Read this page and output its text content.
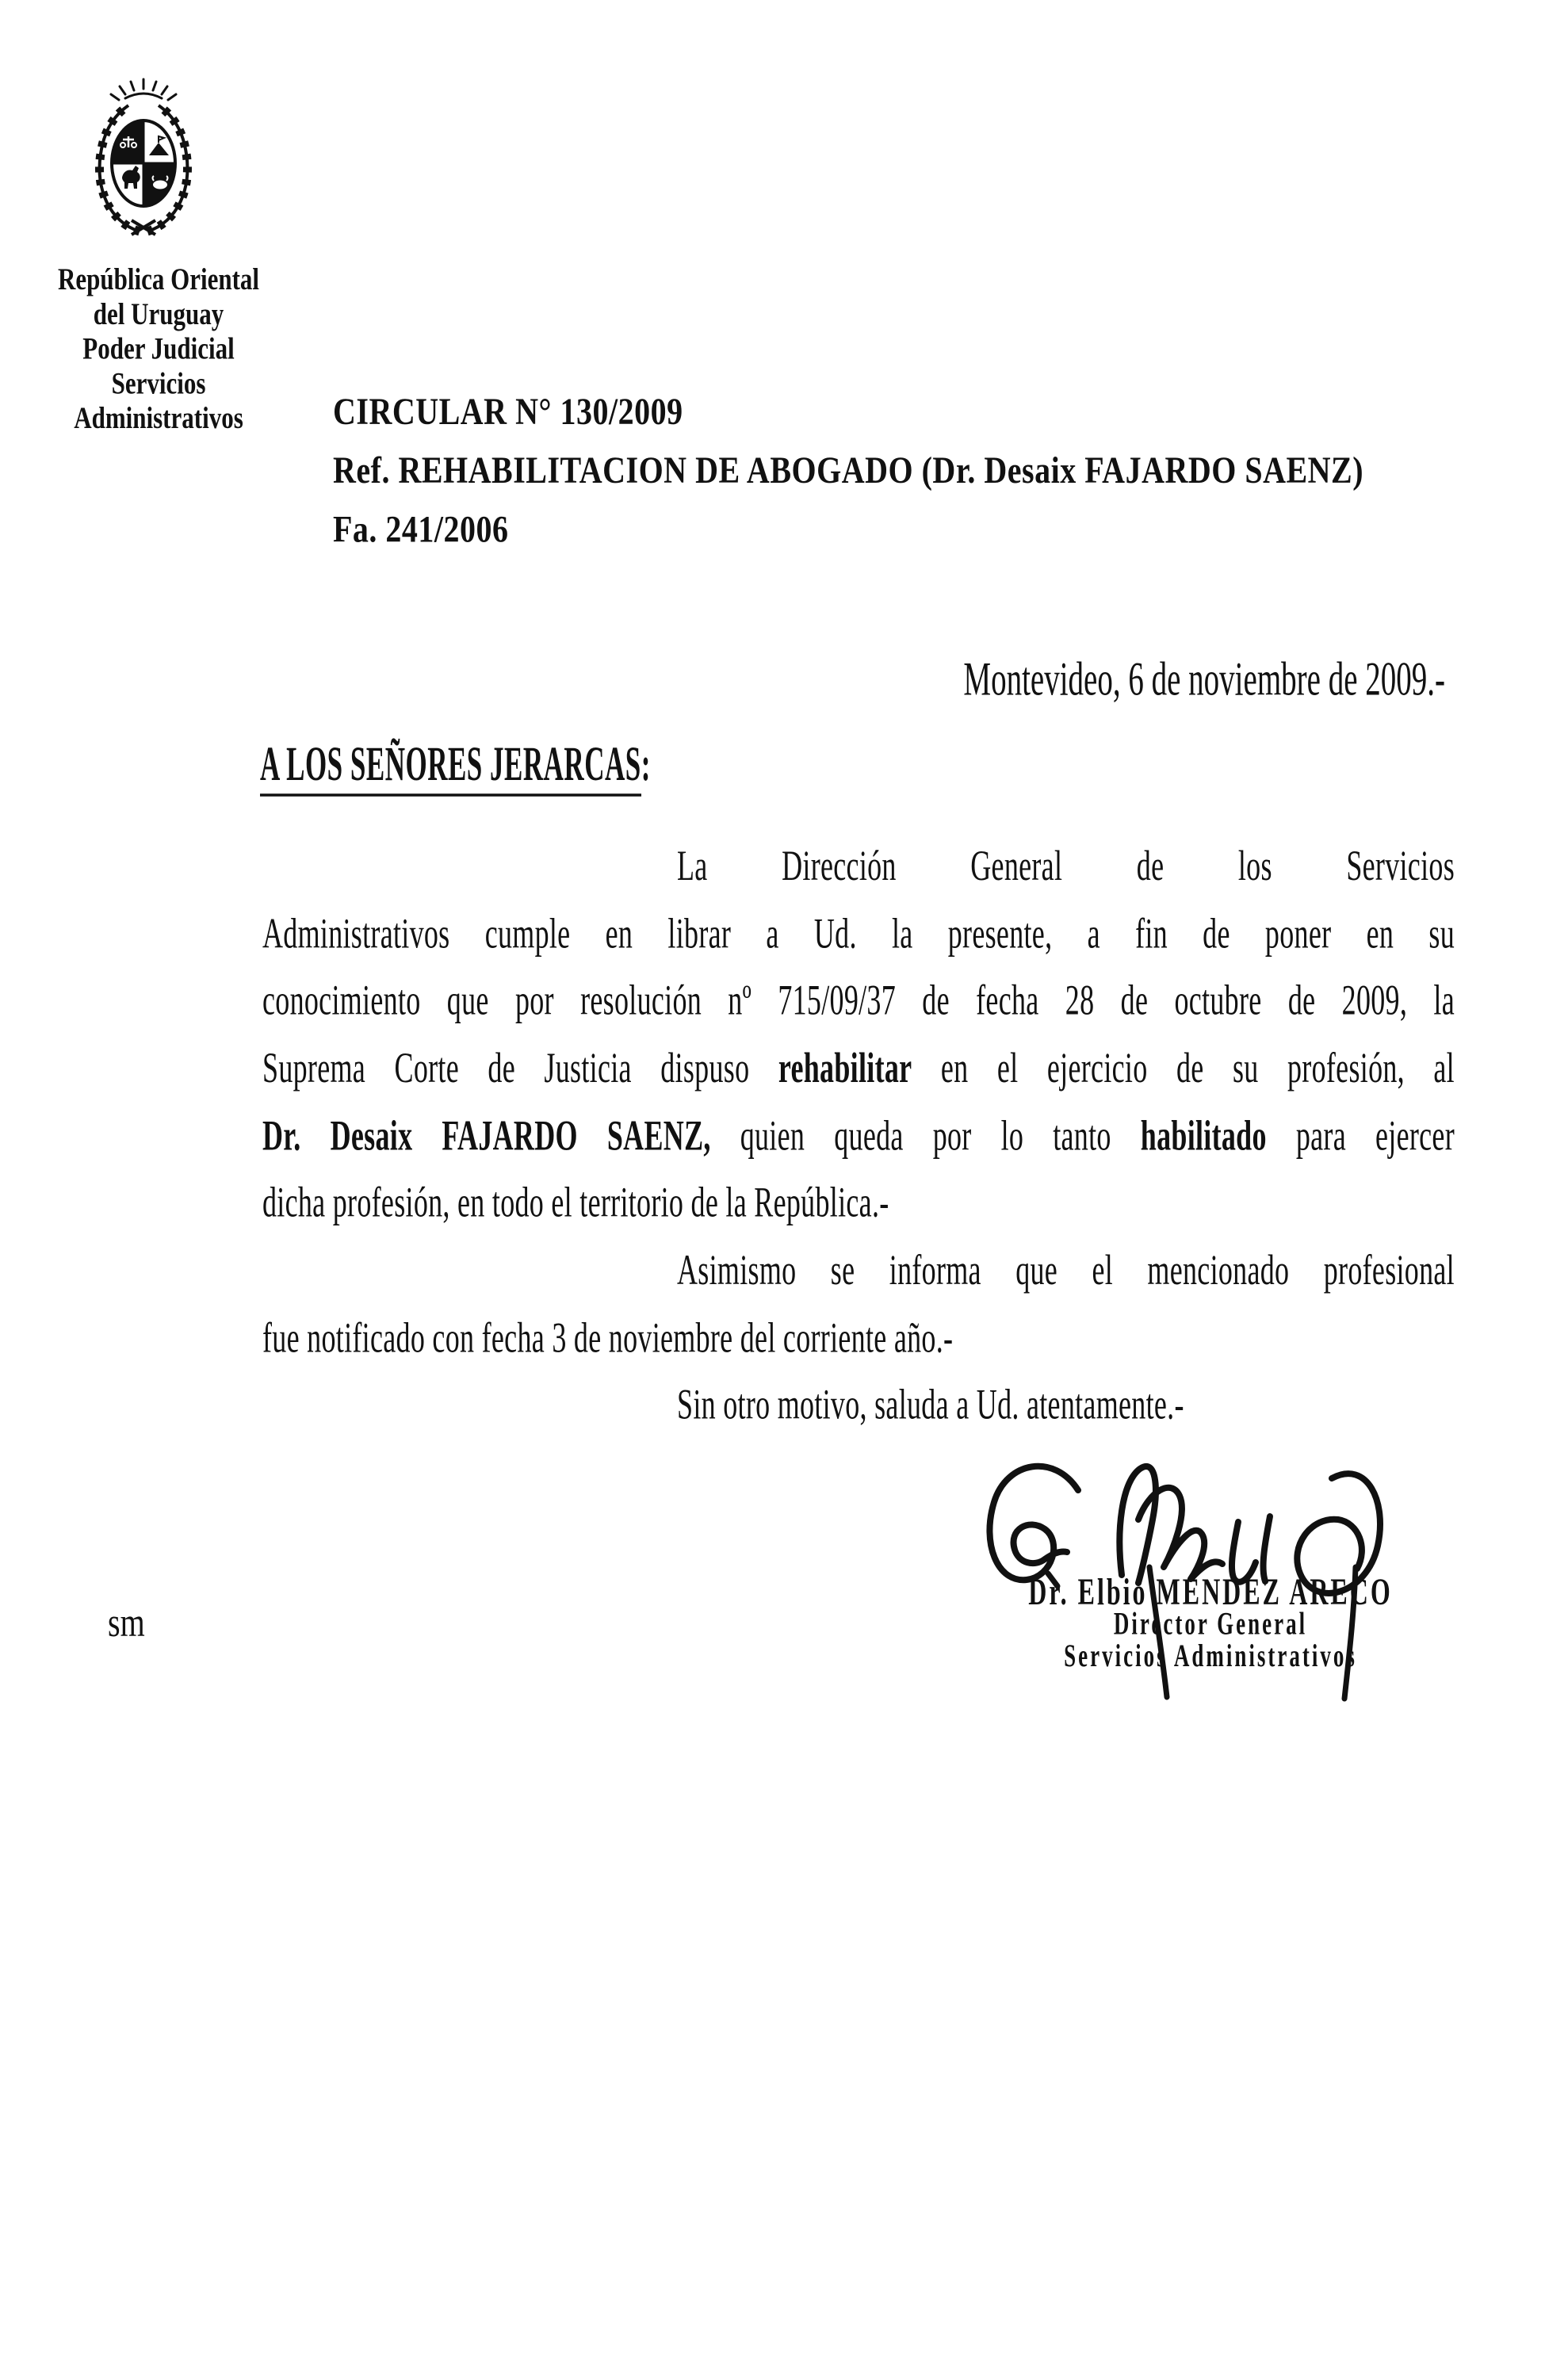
República Oriental
del Uruguay
Poder Judicial
Servicios
Administrativos	CIRCULAR N° 130/2009
Ref. REHABILITACION DE ABOGADO (Dr. Desaix FAJARDO SAENZ)
Fa. 241/2006
Montevideo, 6 de noviembre de 2009.-
A LOS SEÑORES JERARCAS:
La Dirección General de los Servicios
Administrativos cumple en librar a Ud. la presente, a fin de poner en su
conocimiento que por resolución nº 715/09/37 de fecha 28 de octubre de 2009, la
Suprema Corte de Justicia dispuso rehabilitar en el ejercicio de su profesión, al
Dr. Desaix FAJARDO SAENZ, quien queda por lo tanto habilitado para ejercer
dicha profesión, en todo el territorio de la República.-
Asimismo se informa que el mencionado profesional
fue notificado con fecha 3 de noviembre del corriente año.-
Sin otro motivo, saluda a Ud. atentamente.-
sm
Dr. Elbio MENDEZ ARECO
Director General
Servicios Administrativos
